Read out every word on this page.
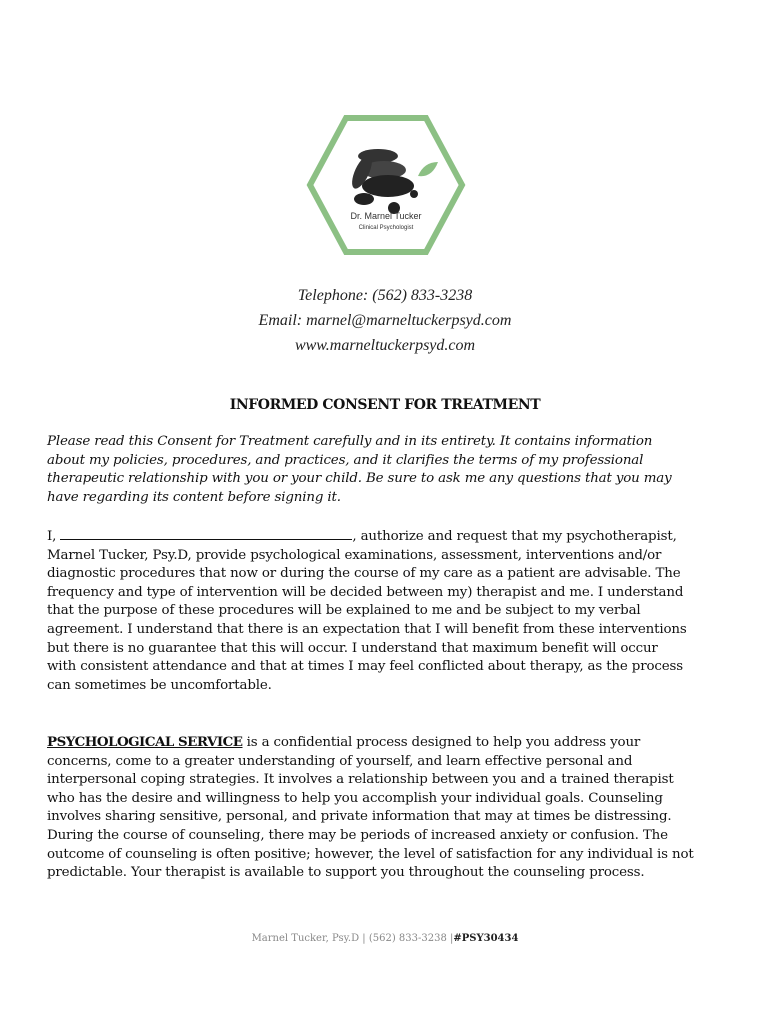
Dr. Marnel Tucker
Clinical Psychologist
Telephone: (562) 833-3238
Email: marnel@marneltuckerpsyd.com
www.marneltuckerpsyd.com
INFORMED CONSENT FOR TREATMENT
Please read this Consent for Treatment carefully and in its entirety. It contains information
about my policies, procedures, and practices, and it clarifies the terms of my professional
therapeutic relationship with you or your child. Be sure to ask me any questions that you may
have regarding its content before signing it.
I,	, authorize and request that my psychotherapist,
Marnel Tucker, Psy.D, provide psychological examinations, assessment, interventions and/or
diagnostic procedures that now or during the course of my care as a patient are advisable. The
frequency and type of intervention will be decided between my) therapist and me. I understand
that the purpose of these procedures will be explained to me and be subject to my verbal
agreement. I understand that there is an expectation that I will benefit from these interventions
but there is no guarantee that this will occur. I understand that maximum benefit will occur
with consistent attendance and that at times I may feel conflicted about therapy, as the process
can sometimes be uncomfortable.
PSYCHOLOGICAL SERVICE is a confidential process designed to help you address your
concerns, come to a greater understanding of yourself, and learn effective personal and
interpersonal coping strategies. It involves a relationship between you and a trained therapist
who has the desire and willingness to help you accomplish your individual goals. Counseling
involves sharing sensitive, personal, and private information that may at times be distressing.
During the course of counseling, there may be periods of increased anxiety or confusion. The
outcome of counseling is often positive; however, the level of satisfaction for any individual is not
predictable. Your therapist is available to support you throughout the counseling process.
Marnel Tucker, Psy.D | (562) 833-3238 |#PSY30434
